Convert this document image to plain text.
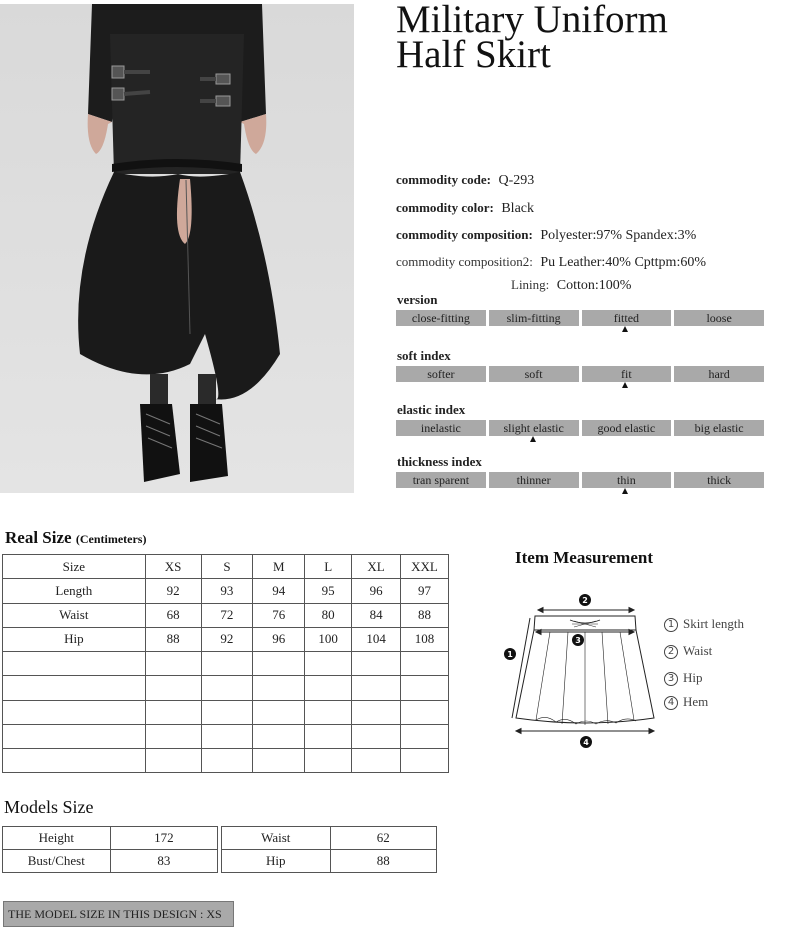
Military Uniform
Half Skirt
commodity code: Q-293
commodity color: Black
commodity composition: Polyester:97% Spandex:3%
commodity composition2: Pu Leather:40% Cpttpm:60%
Lining: Cotton:100%
version
close-fitting	slim-fitting	fitted	loose
soft index
softer	soft	fit	hard
elastic index
inelastic	slight elastic	good elastic	big elastic
thickness index
tran sparent	thinner	thin	thick
Real Size (Centimeters)
Size	XS	S	M	L	XL	XXL
Length	92	93	94	95	96	97
Waist	68	72	76	80	84	88
Hip	88	92	96	100	104	108

Models Size
Height	172
Bust/Chest	83
Waist	62
Hip	88
THE MODEL SIZE IN THIS DESIGN : XS
Item Measurement
2
3
1
4
1 Skirt length
2 Waist
3 Hip
4 Hem
